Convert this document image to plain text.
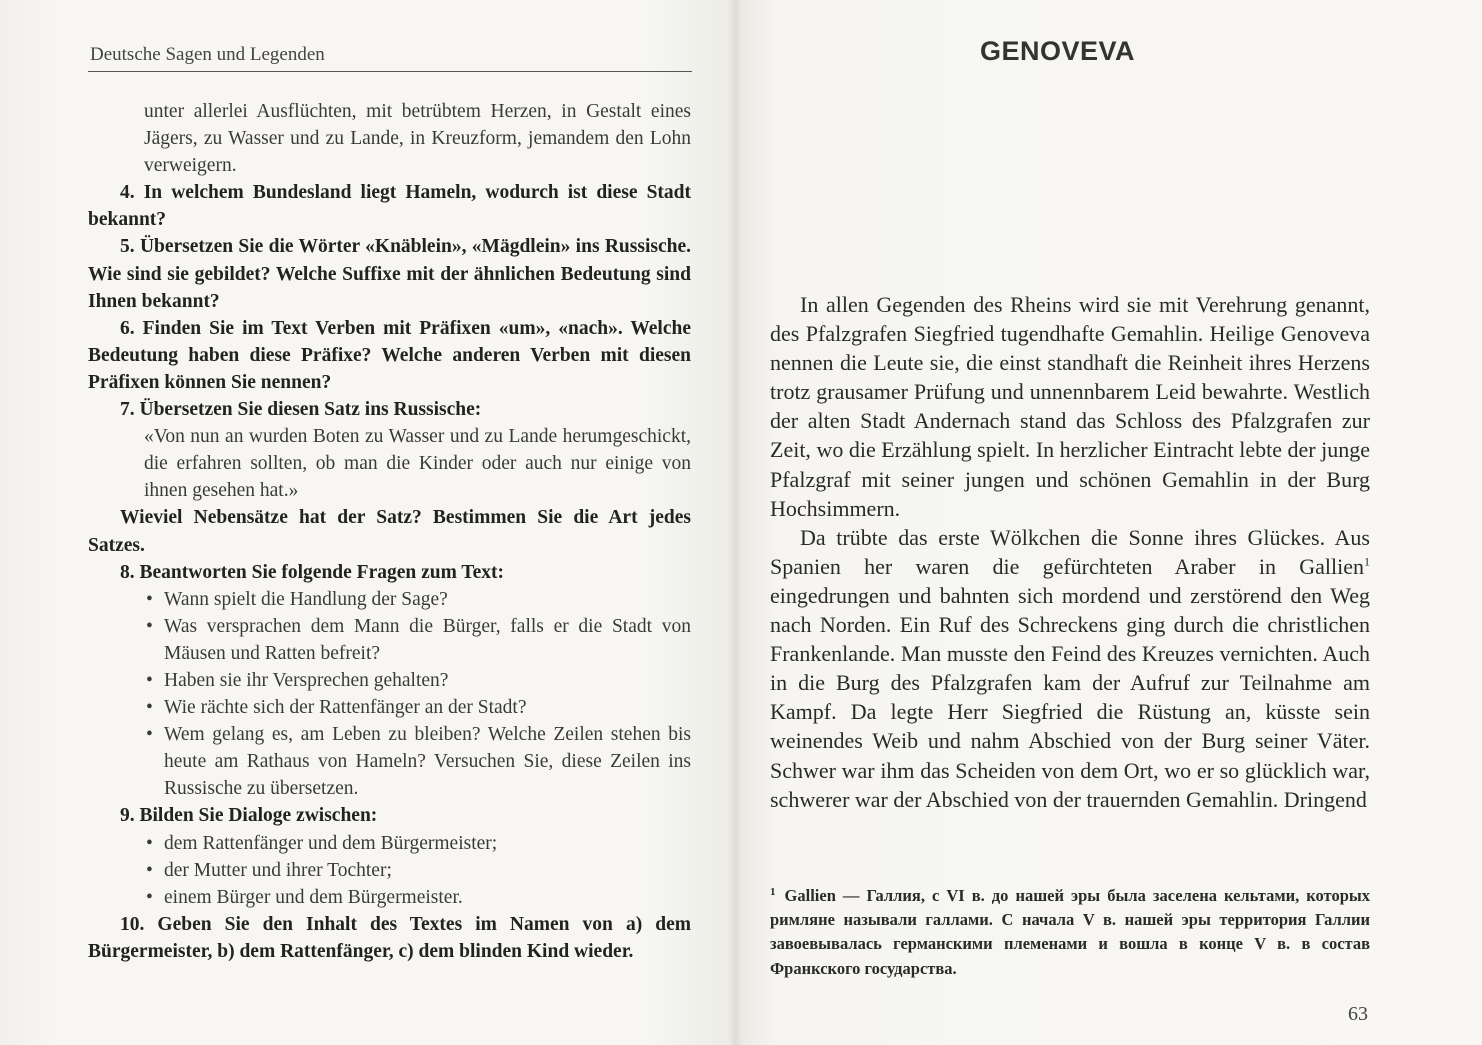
Deutsche Sagen und Legenden

unter allerlei Ausflüchten, mit betrübtem Herzen, in Gestalt eines Jägers, zu Wasser und zu Lande, in Kreuzform, jemandem den Lohn verweigern.

4. In welchem Bundesland liegt Hameln, wodurch ist diese Stadt bekannt?

5. Übersetzen Sie die Wörter «Knäblein», «Mägdlein» ins Russische. Wie sind sie gebildet? Welche Suffixe mit der ähnlichen Bedeutung sind Ihnen bekannt?

6. Finden Sie im Text Verben mit Präfixen «um», «nach». Welche Bedeutung haben diese Präfixe? Welche anderen Verben mit diesen Präfixen können Sie nennen?

7. Übersetzen Sie diesen Satz ins Russische:

«Von nun an wurden Boten zu Wasser und zu Lande herumgeschickt, die erfahren sollten, ob man die Kinder oder auch nur einige von ihnen gesehen hat.»

Wieviel Nebensätze hat der Satz? Bestimmen Sie die Art jedes Satzes.

8. Beantworten Sie folgende Fragen zum Text:

• Wann spielt die Handlung der Sage?
• Was versprachen dem Mann die Bürger, falls er die Stadt von Mäusen und Ratten befreit?
• Haben sie ihr Versprechen gehalten?
• Wie rächte sich der Rattenfänger an der Stadt?
• Wem gelang es, am Leben zu bleiben? Welche Zeilen stehen bis heute am Rathaus von Hameln? Versuchen Sie, diese Zeilen ins Russische zu übersetzen.

9. Bilden Sie Dialoge zwischen:

• dem Rattenfänger und dem Bürgermeister;
• der Mutter und ihrer Tochter;
• einem Bürger und dem Bürgermeister.

10. Geben Sie den Inhalt des Textes im Namen von a) dem Bürgermeister, b) dem Rattenfänger, c) dem blinden Kind wieder.

GENOVEVA

In allen Gegenden des Rheins wird sie mit Verehrung genannt, des Pfalzgrafen Siegfried tugendhafte Gemahlin. Heilige Genoveva nennen die Leute sie, die einst standhaft die Reinheit ihres Herzens trotz grausamer Prüfung und unnennbarem Leid bewahrte. Westlich der alten Stadt Andernach stand das Schloss des Pfalzgrafen zur Zeit, wo die Erzählung spielt. In herzlicher Eintracht lebte der junge Pfalzgraf mit seiner jungen und schönen Gemahlin in der Burg Hochsimmern.

Da trübte das erste Wölkchen die Sonne ihres Glückes. Aus Spanien her waren die gefürchteten Araber in Gallien$^1$ eingedrungen und bahnten sich mordend und zerstörend den Weg nach Norden. Ein Ruf des Schreckens ging durch die christlichen Frankenlande. Man musste den Feind des Kreuzes vernichten. Auch in die Burg des Pfalzgrafen kam der Aufruf zur Teilnahme am Kampf. Da legte Herr Siegfried die Rüstung an, küsste sein weinendes Weib und nahm Abschied von der Burg seiner Väter. Schwer war ihm das Scheiden von dem Ort, wo er so glücklich war, schwerer war der Abschied von der trauernden Gemahlin. Dringend

$^1$ Gallien — Галлия, с VI в. до нашей эры была заселена кельтами, которых римляне называли галлами. С начала V в. нашей эры территория Галлии завоевывалась германскими племенами и вошла в конце V в. в состав Франкского государства.
63
